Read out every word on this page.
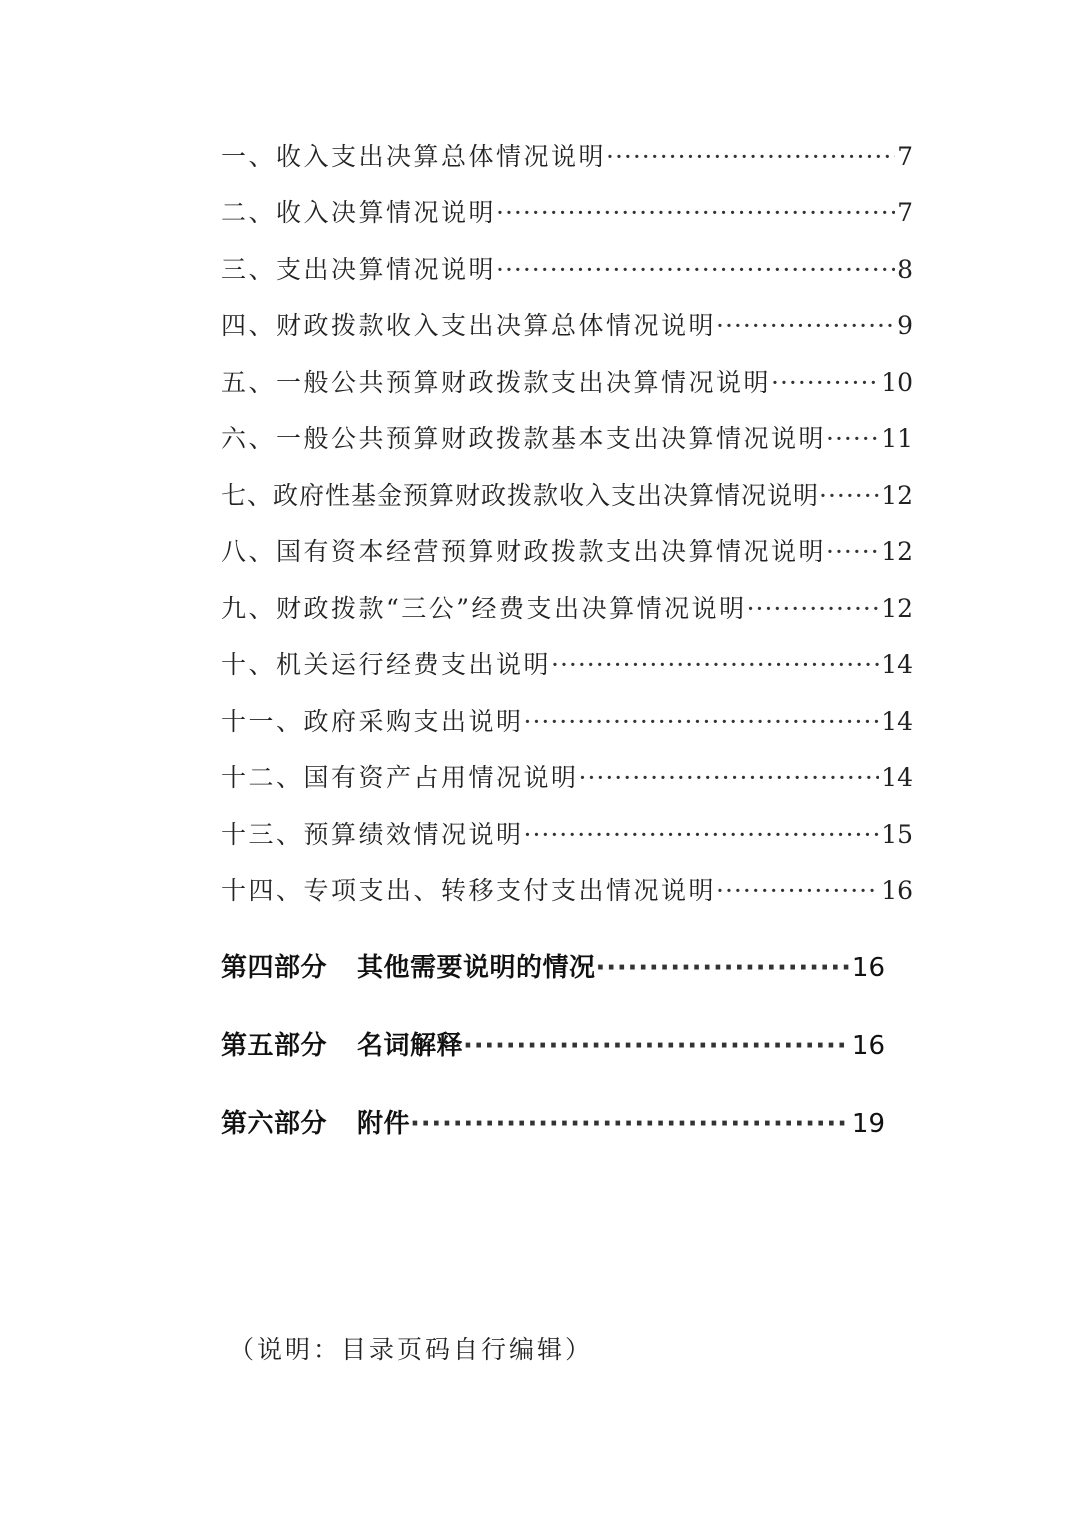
一、收入支出决算总体情况说明 ·····	7
二、收入决算情况说明 ·····	7
三、支出决算情况说明 ·····	8
四、财政拨款收入支出决算总体情况说明 ·····	9
五、一般公共预算财政拨款支出决算情况说明 ·····	10
六、一般公共预算财政拨款基本支出决算情况说明 ····· 11
七、政府性基金预算财政拨款收入支出决算情况说明 ····· 12
八、国有资本经营预算财政拨款支出决算情况说明 ····· 12
九、财政拨款“三公”经费支出决算情况说明 ·····	12
十、机关运行经费支出说明 ·····	14
十一、政府采购支出说明 ·····	14
十二、国有资产占用情况说明 ·····	14
十三、预算绩效情况说明 ·····	15
十四、专项支出、转移支付支出情况说明 ·····	16
第四部分 其他需要说明的情况 ·····	16
第五部分 名词解释 ·····	16
第六部分 附件 ·····	19
（说明：目录页码自行编辑）
